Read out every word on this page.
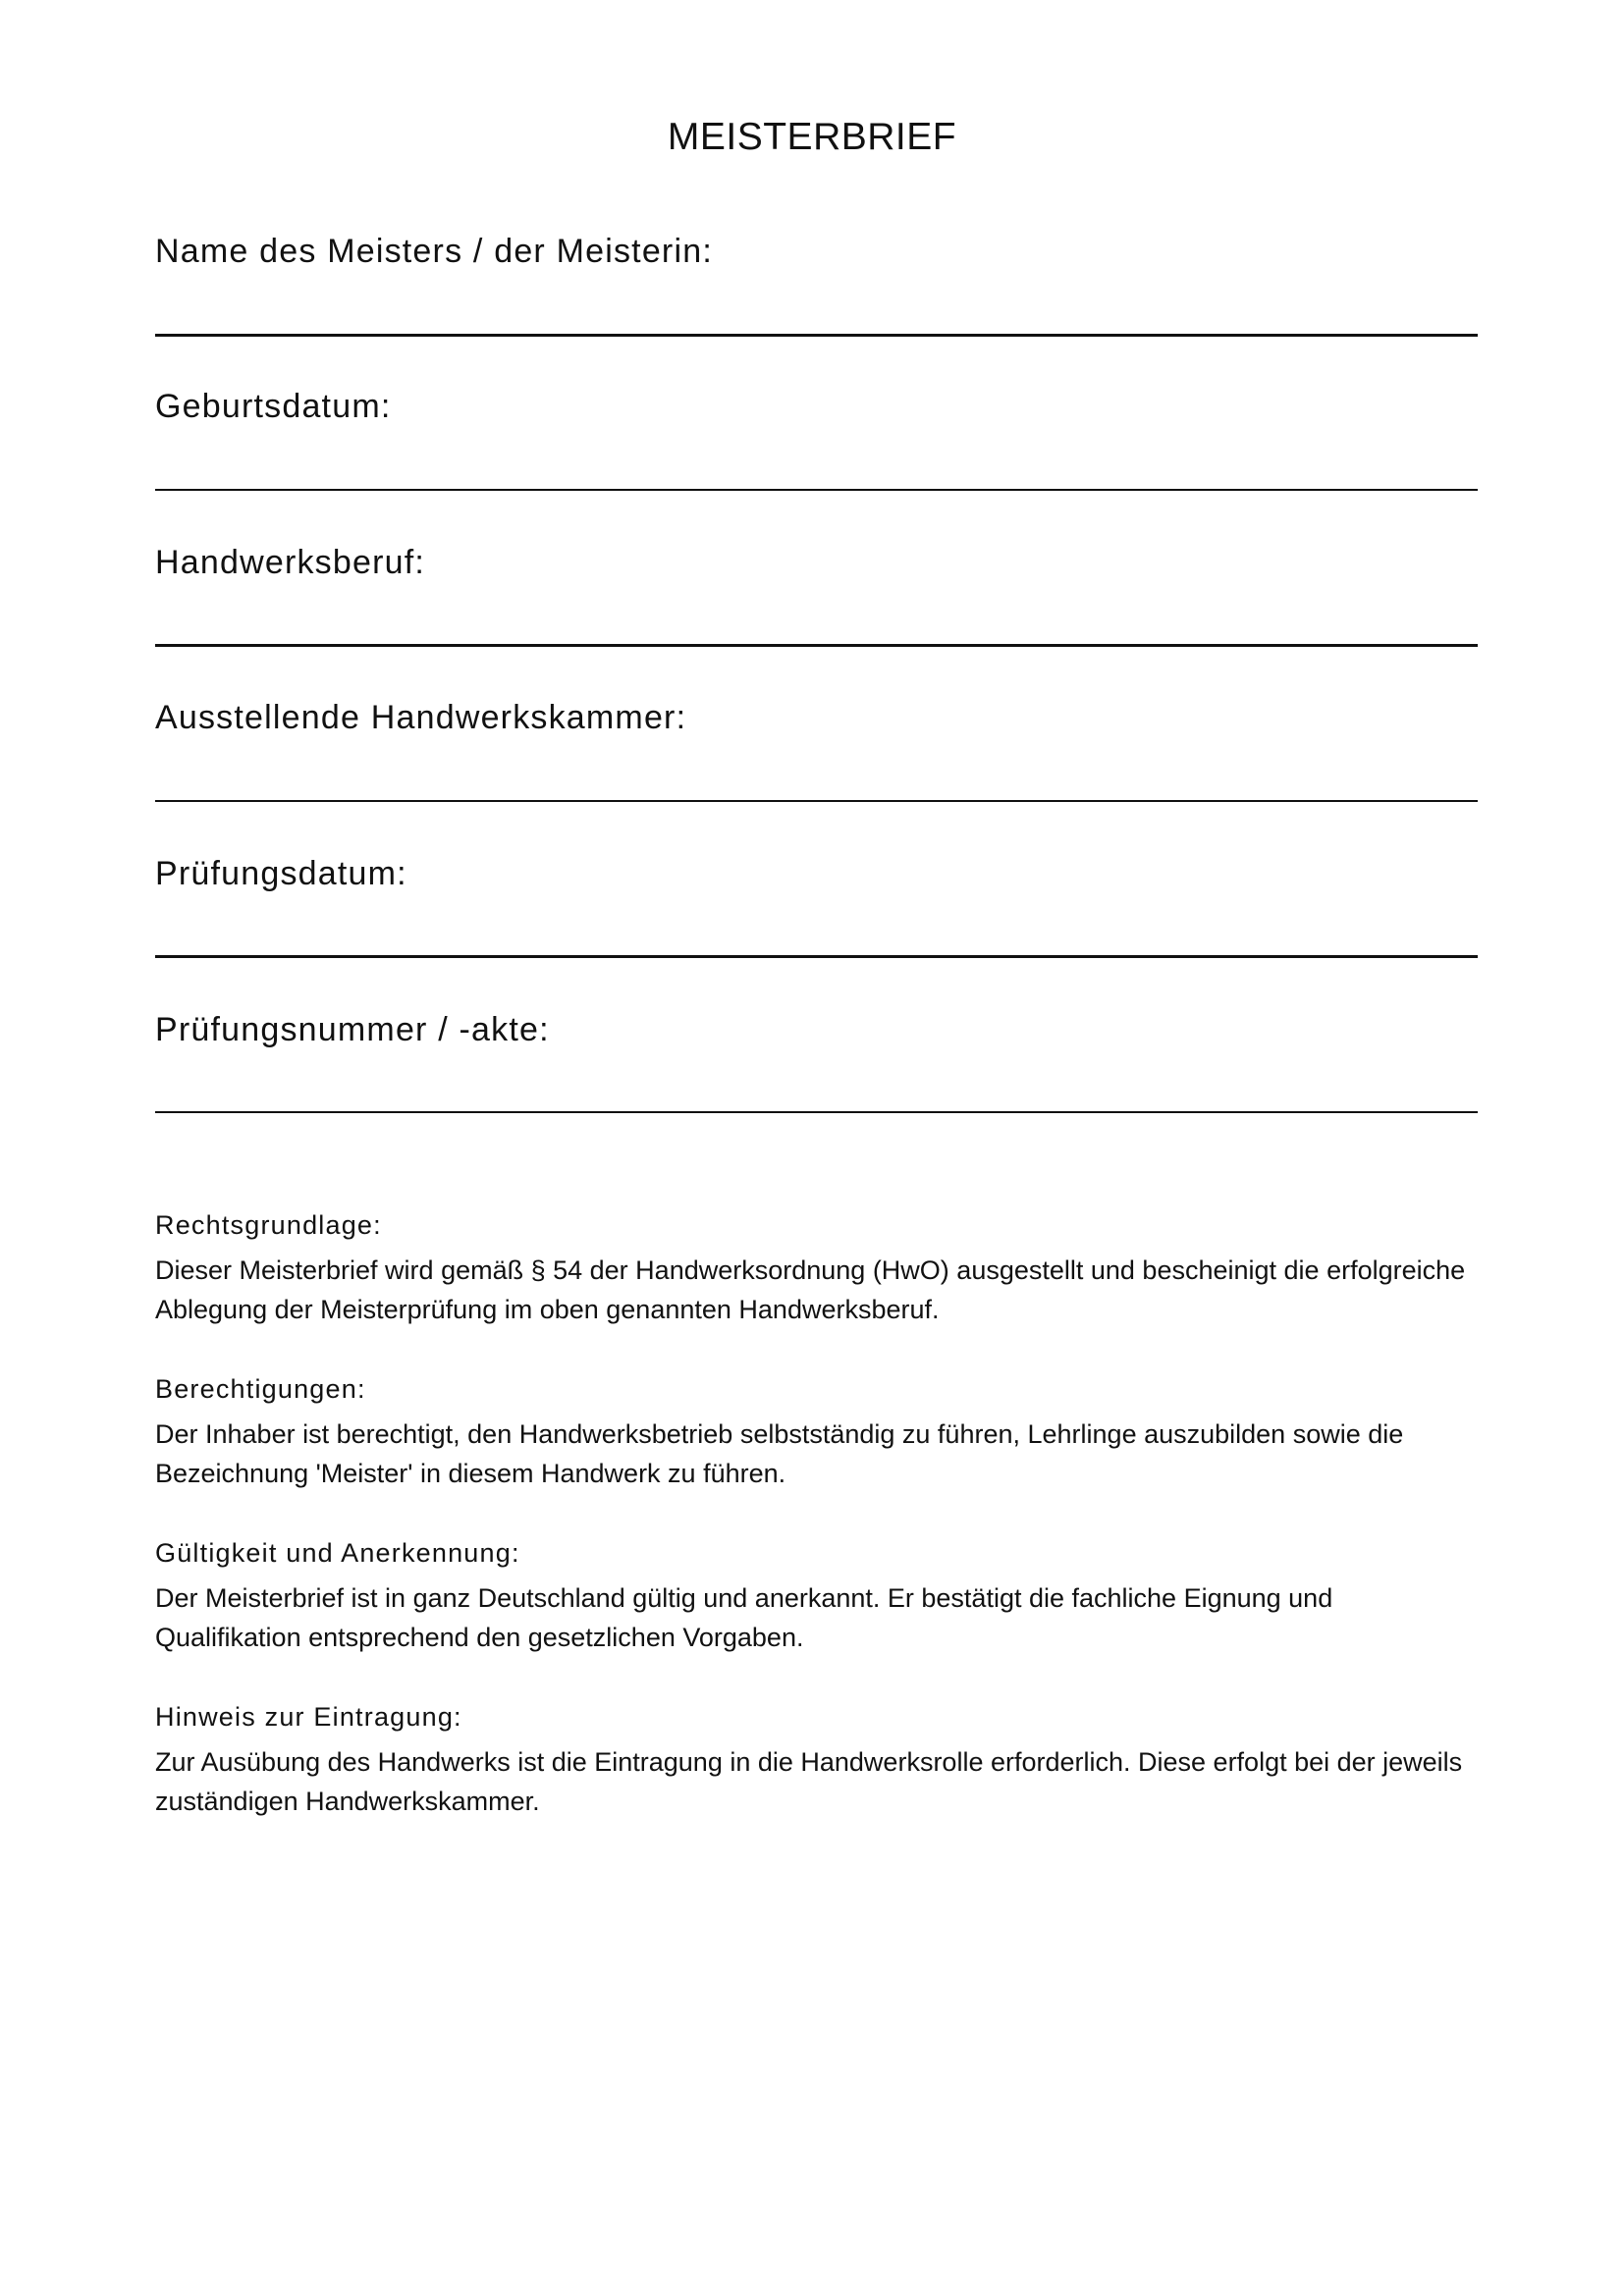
MEISTERBRIEF
Name des Meisters / der Meisterin:
Geburtsdatum:
Handwerksberuf:
Ausstellende Handwerkskammer:
Prüfungsdatum:
Prüfungsnummer / -akte:
Rechtsgrundlage:
Dieser Meisterbrief wird gemäß § 54 der Handwerksordnung (HwO) ausgestellt und bescheinigt die erfolgreiche Ablegung der Meisterprüfung im oben genannten Handwerksberuf.
Berechtigungen:
Der Inhaber ist berechtigt, den Handwerksbetrieb selbstständig zu führen, Lehrlinge auszubilden sowie die Bezeichnung 'Meister' in diesem Handwerk zu führen.
Gültigkeit und Anerkennung:
Der Meisterbrief ist in ganz Deutschland gültig und anerkannt. Er bestätigt die fachliche Eignung und Qualifikation entsprechend den gesetzlichen Vorgaben.
Hinweis zur Eintragung:
Zur Ausübung des Handwerks ist die Eintragung in die Handwerksrolle erforderlich. Diese erfolgt bei der jeweils zuständigen Handwerkskammer.
